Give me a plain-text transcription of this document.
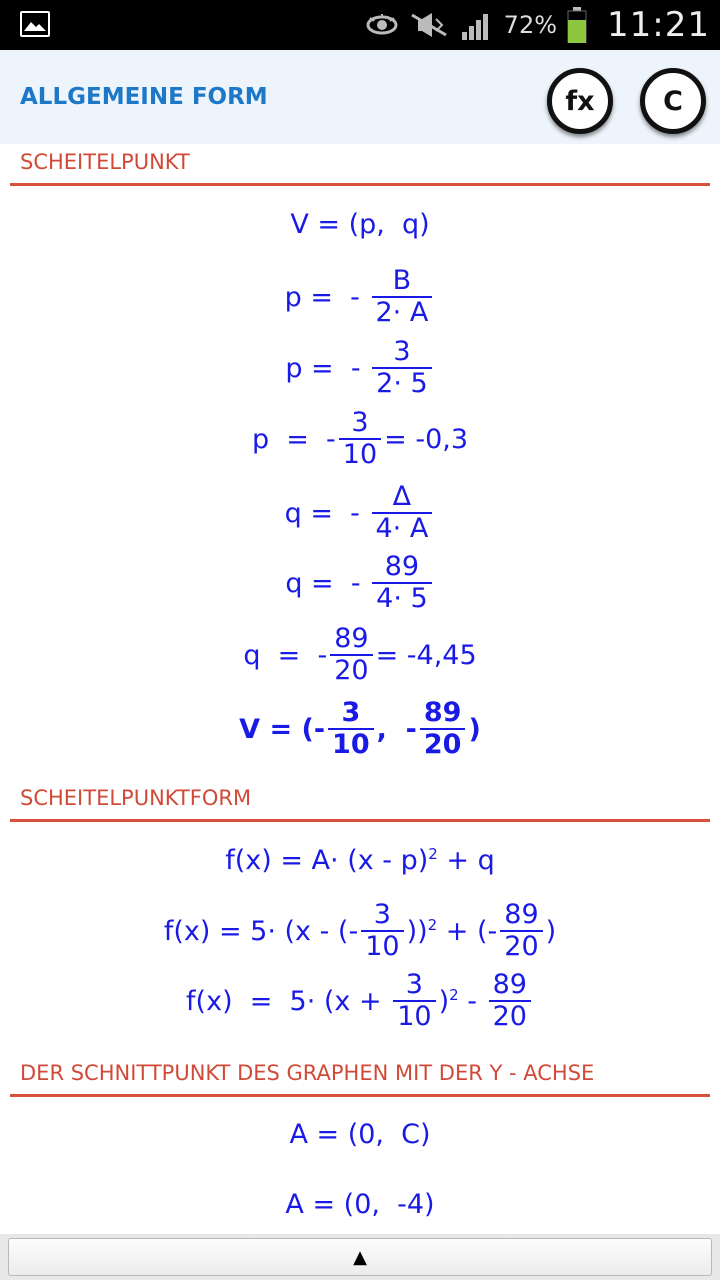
72% 11:21
ALLGEMEINE FORM	fx	C
SCHEITELPUNKT
V = (p,  q)
p =  - $\frac{B}{2\cdot A}$
p =  - $\frac{3}{2\cdot 5}$
p  =  - $\frac{3}{10} = -0,3$
q =  - $\frac{\Delta}{4\cdot A}$
q =  - $\frac{89}{4\cdot 5}$
q  =  - $\frac{89}{20} = -4,45$
V = (- $\frac{3}{10}$ ,  - $\frac{89}{20}$ )
SCHEITELPUNKTFORM
f(x) = A· (x - p)$^2$ + q
f(x) = 5· (x - (- $\frac{3}{10} ))^2$ + (- $\frac{89}{20}$ )
$f(x) = 5\cdot (x + \frac{3}{10} )^2 - \frac{89}{20}$
DER SCHNITTPUNKT DES GRAPHEN MIT DER Y - ACHSE
A = (0,  C)
A = (0,  -4)
▲
